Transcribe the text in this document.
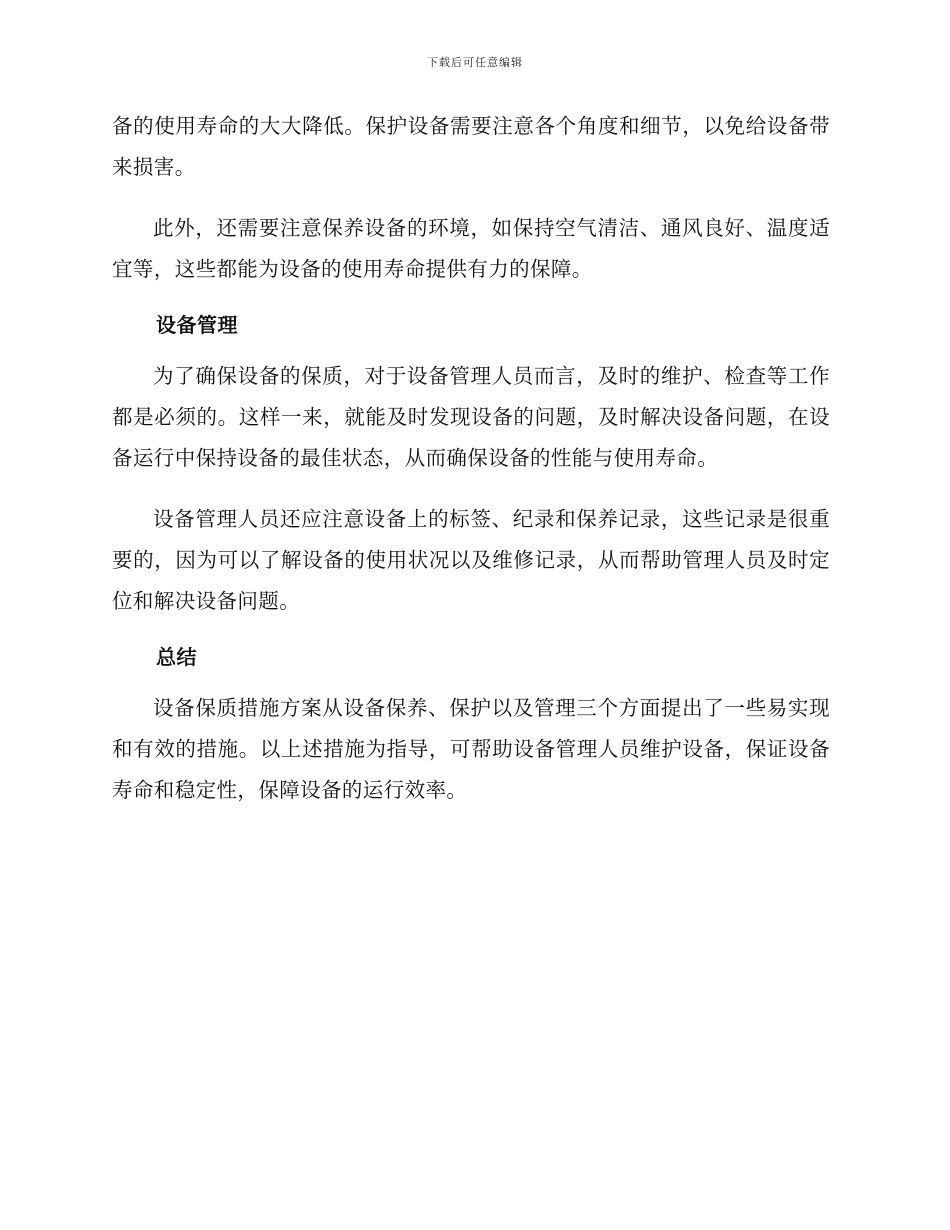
下载后可任意编辑

备的使用寿命的大大降低。保护设备需要注意各个角度和细节，以免给设备带来损害。

此外，还需要注意保养设备的环境，如保持空气清洁、通风良好、温度适宜等，这些都能为设备的使用寿命提供有力的保障。

设备管理

为了确保设备的保质，对于设备管理人员而言，及时的维护、检查等工作都是必须的。这样一来，就能及时发现设备的问题，及时解决设备问题，在设备运行中保持设备的最佳状态，从而确保设备的性能与使用寿命。

设备管理人员还应注意设备上的标签、纪录和保养记录，这些记录是很重要的，因为可以了解设备的使用状况以及维修记录，从而帮助管理人员及时定位和解决设备问题。

总结

设备保质措施方案从设备保养、保护以及管理三个方面提出了一些易实现和有效的措施。以上述措施为指导，可帮助设备管理人员维护设备，保证设备寿命和稳定性，保障设备的运行效率。
